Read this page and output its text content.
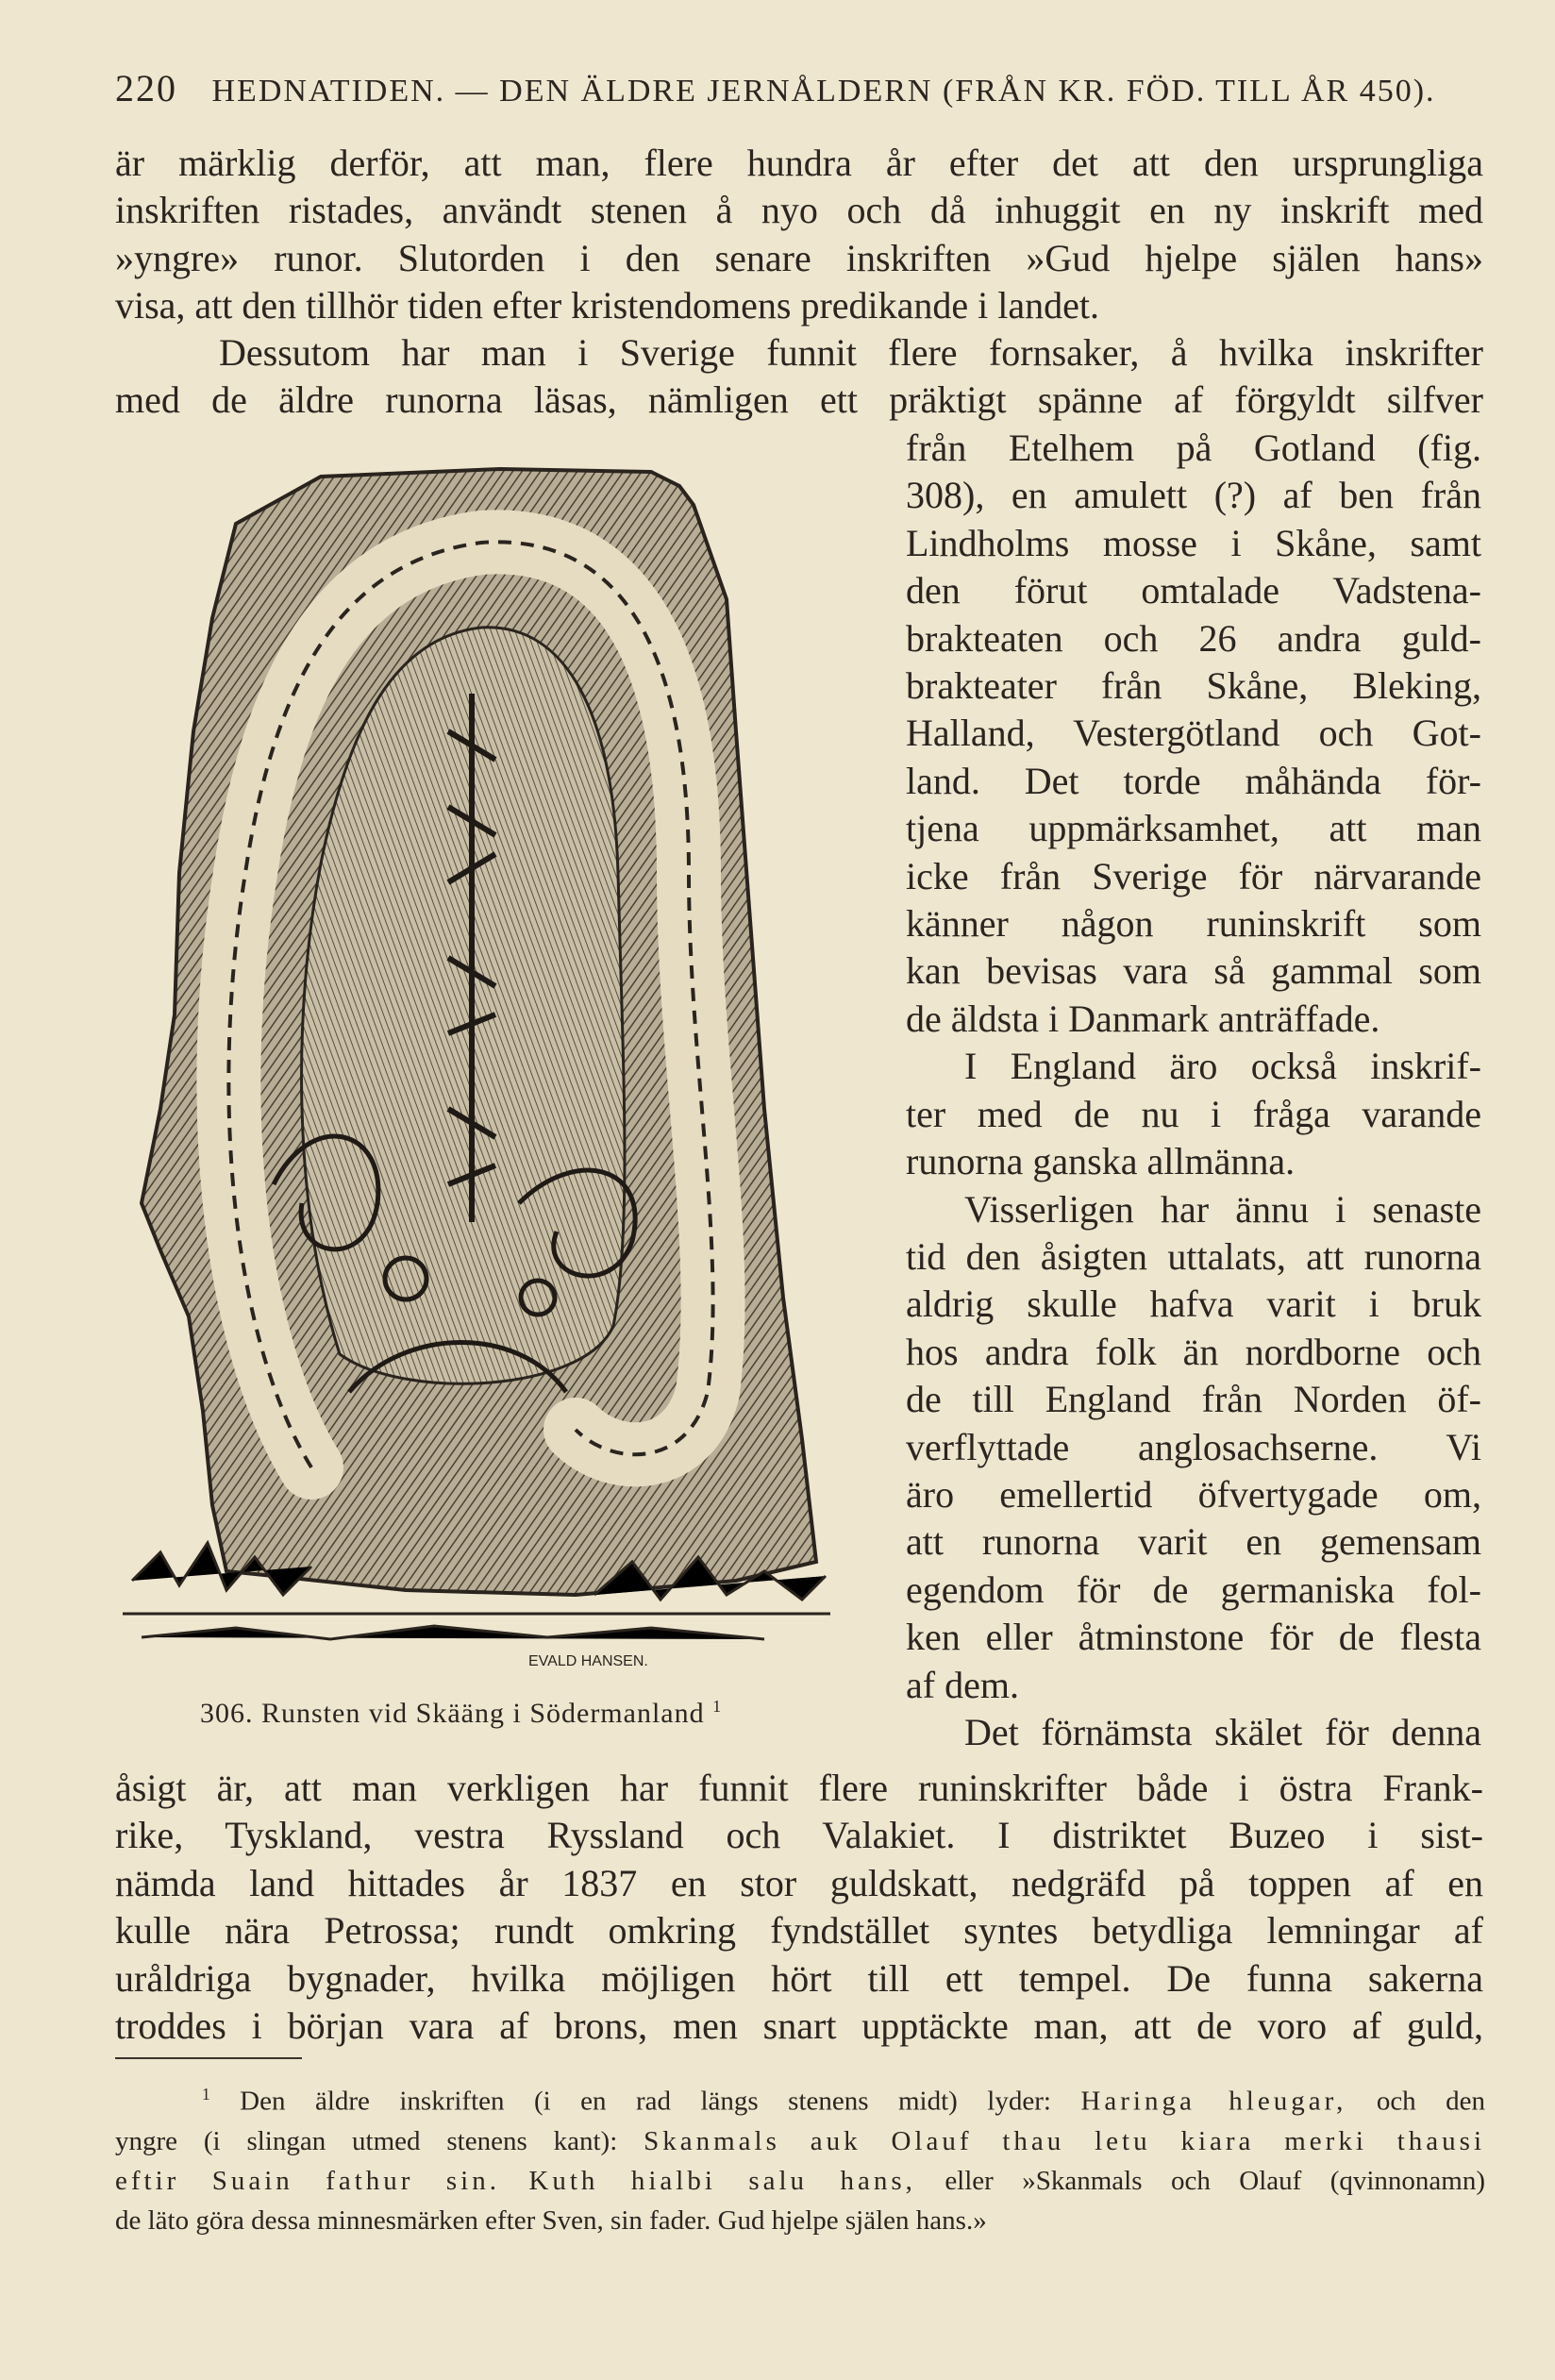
220 HEDNATIDEN. — DEN ÄLDRE JERNÅLDERN (FRÅN KR. FÖD. TILL ÅR 450).
är märklig derför, att man, flere hundra år efter det att den ursprungliga
inskriften ristades, användt stenen å nyo och då inhuggit en ny inskrift med
»yngre» runor. Slutorden i den senare inskriften »Gud hjelpe själen hans»
visa, att den tillhör tiden efter kristendomens predikande i landet.
Dessutom har man i Sverige funnit flere fornsaker, å hvilka inskrifter
med de äldre runorna läsas, nämligen ett präktigt spänne af förgyldt silfver
från Etelhem på Gotland (fig.
308), en amulett (?) af ben från
Lindholms mosse i Skåne, samt
den förut omtalade Vadstena-
brakteaten och 26 andra guld-
brakteater från Skåne, Bleking,
Halland, Vestergötland och Got-
land. Det torde måhända för-
tjena uppmärksamhet, att man
icke från Sverige för närvarande
känner någon runinskrift som
kan bevisas vara så gammal som
de äldsta i Danmark anträffade.
I England äro också inskrif-
ter med de nu i fråga varande
runorna ganska allmänna.
Visserligen har ännu i senaste
tid den åsigten uttalats, att runorna
aldrig skulle hafva varit i bruk
hos andra folk än nordborne och
de till England från Norden öf-
verflyttade anglosachserne. Vi
äro emellertid öfvertygade om,
att runorna varit en gemensam
egendom för de germaniska fol-
ken eller åtminstone för de flesta
af dem.
Det förnämsta skälet för denna
EVALD HANSEN.
306. Runsten vid Skääng i Södermanland $^1$
åsigt är, att man verkligen har funnit flere runinskrifter både i östra Frank-
rike, Tyskland, vestra Ryssland och Valakiet. I distriktet Buzeo i sist-
nämda land hittades år 1837 en stor guldskatt, nedgräfd på toppen af en
kulle nära Petrossa; rundt omkring fyndstället syntes betydliga lemningar af
uråldriga bygnader, hvilka möjligen hört till ett tempel. De funna sakerna
troddes i början vara af brons, men snart upptäckte man, att de voro af guld,
$^1$ Den äldre inskriften (i en rad längs stenens midt) lyder: Haringa hleugar, och den
yngre (i slingan utmed stenens kant): Skanmals auk Olauf thau letu kiara merki thausi
eftir Suain fathur sin. Kuth hialbi salu hans, eller »Skanmals och Olauf (qvinnonamn)
de läto göra dessa minnesmärken efter Sven, sin fader. Gud hjelpe själen hans.»
